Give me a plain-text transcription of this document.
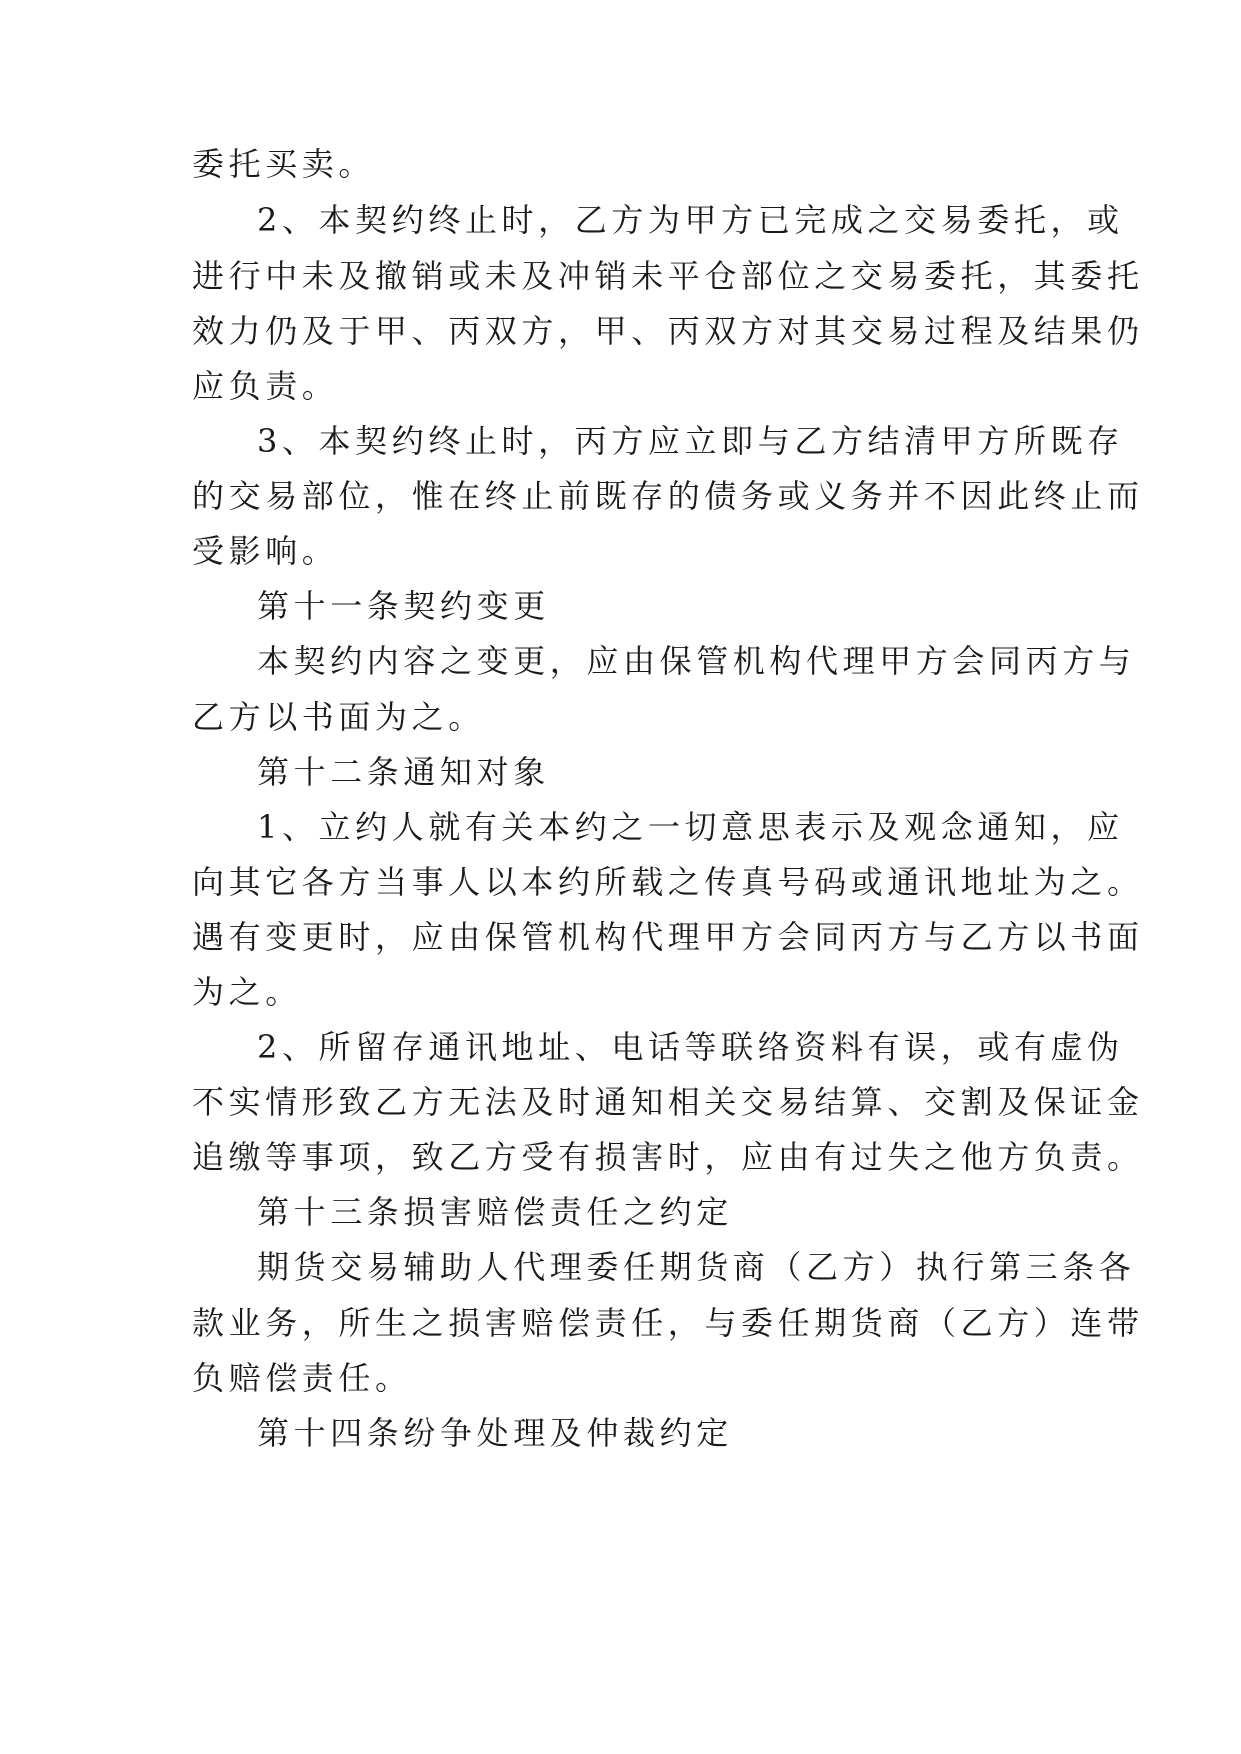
委托买卖。
2、本契约终止时，乙方为甲方已完成之交易委托，或
进行中未及撤销或未及冲销未平仓部位之交易委托，其委托
效力仍及于甲、丙双方，甲、丙双方对其交易过程及结果仍
应负责。
3、本契约终止时，丙方应立即与乙方结清甲方所既存
的交易部位，惟在终止前既存的债务或义务并不因此终止而
受影响。
第十一条契约变更
本契约内容之变更，应由保管机构代理甲方会同丙方与
乙方以书面为之。
第十二条通知对象
1、立约人就有关本约之一切意思表示及观念通知，应
向其它各方当事人以本约所载之传真号码或通讯地址为之。
遇有变更时，应由保管机构代理甲方会同丙方与乙方以书面
为之。
2、所留存通讯地址、电话等联络资料有误，或有虚伪
不实情形致乙方无法及时通知相关交易结算、交割及保证金
追缴等事项，致乙方受有损害时，应由有过失之他方负责。
第十三条损害赔偿责任之约定
期货交易辅助人代理委任期货商（乙方）执行第三条各
款业务，所生之损害赔偿责任，与委任期货商（乙方）连带
负赔偿责任。
第十四条纷争处理及仲裁约定
